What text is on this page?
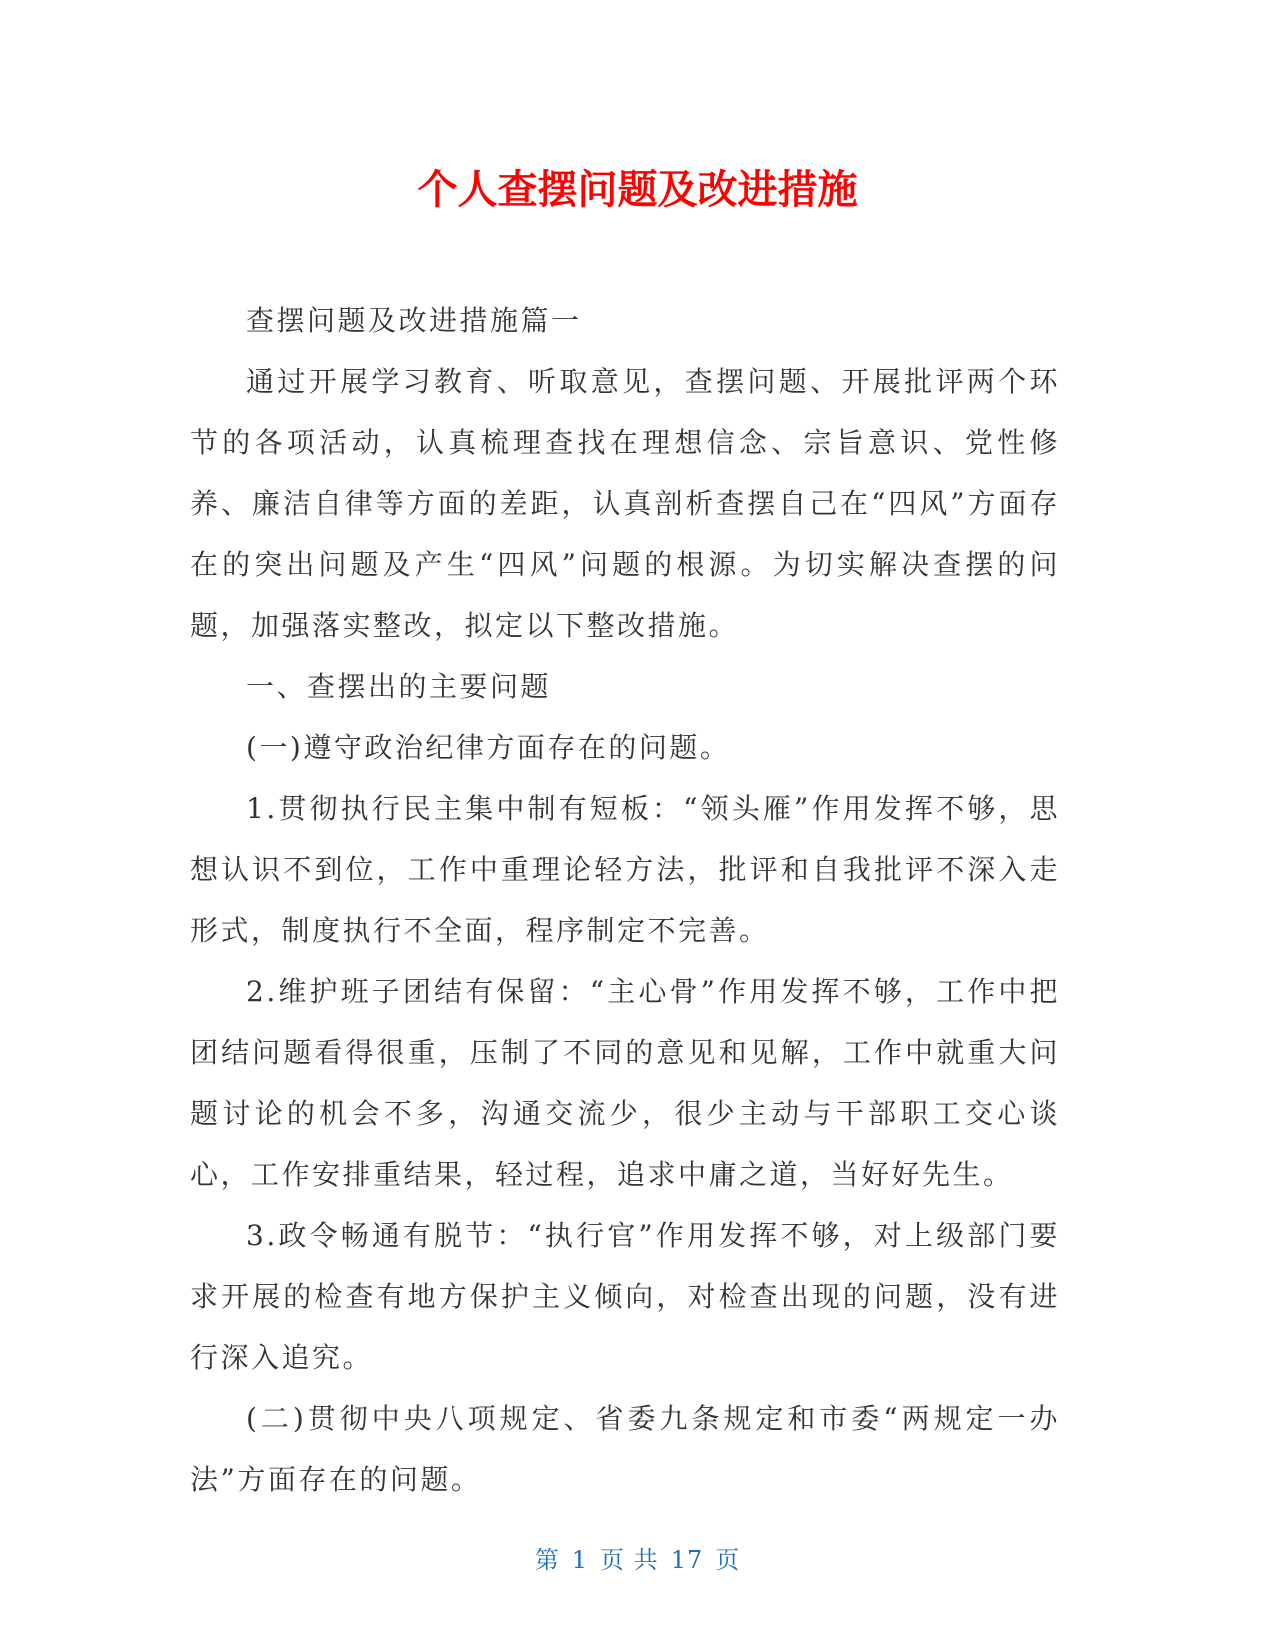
个人查摆问题及改进措施

查摆问题及改进措施篇一

通过开展学习教育、听取意见，查摆问题、开展批评两个环节的各项活动，认真梳理查找在理想信念、宗旨意识、党性修养、廉洁自律等方面的差距，认真剖析查摆自己在“四风”方面存在的突出问题及产生“四风”问题的根源。为切实解决查摆的问题，加强落实整改，拟定以下整改措施。

一、查摆出的主要问题

(一)遵守政治纪律方面存在的问题。

1.贯彻执行民主集中制有短板：“领头雁”作用发挥不够，思想认识不到位，工作中重理论轻方法，批评和自我批评不深入走形式，制度执行不全面，程序制定不完善。

2.维护班子团结有保留：“主心骨”作用发挥不够，工作中把团结问题看得很重，压制了不同的意见和见解，工作中就重大问题讨论的机会不多，沟通交流少，很少主动与干部职工交心谈心，工作安排重结果，轻过程，追求中庸之道，当好好先生。

3.政令畅通有脱节：“执行官”作用发挥不够，对上级部门要求开展的检查有地方保护主义倾向，对检查出现的问题，没有进行深入追究。

(二)贯彻中央八项规定、省委九条规定和市委“两规定一办法”方面存在的问题。

第 1 页 共 17 页
